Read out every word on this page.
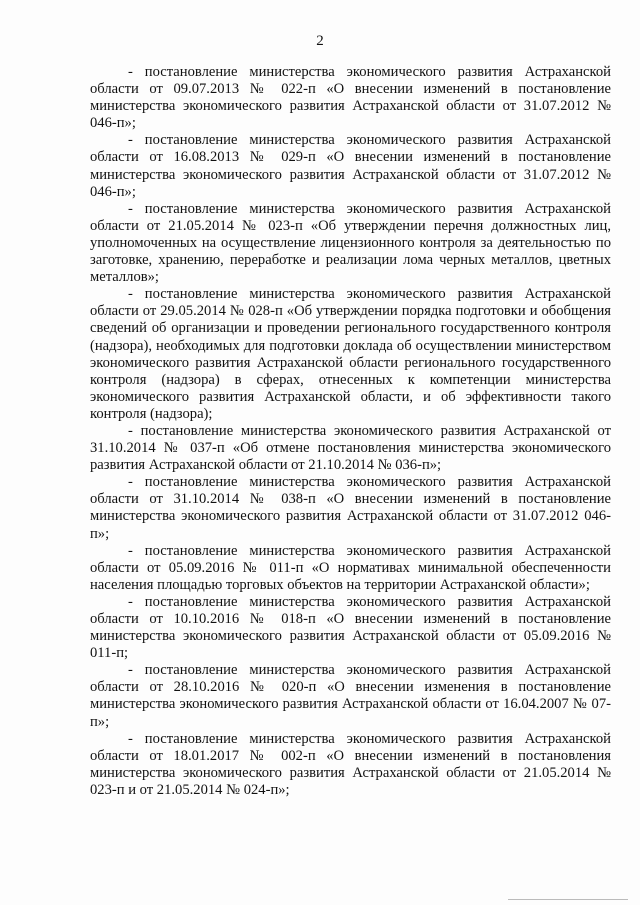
2

- постановление министерства экономического развития Астраханской области от 09.07.2013 № 022-п «О внесении изменений в постановление министерства экономического развития Астраханской области от 31.07.2012 № 046-п»;

- постановление министерства экономического развития Астраханской области от 16.08.2013 № 029-п «О внесении изменений в постановление министерства экономического развития Астраханской области от 31.07.2012 № 046-п»;

- постановление министерства экономического развития Астраханской области от 21.05.2014 № 023-п «Об утверждении перечня должностных лиц, уполномоченных на осуществление лицензионного контроля за деятельностью по заготовке, хранению, переработке и реализации лома черных металлов, цветных металлов»;

- постановление министерства экономического развития Астраханской области от 29.05.2014 № 028-п «Об утверждении порядка подготовки и обобщения сведений об организации и проведении регионального государственного контроля (надзора), необходимых для подготовки доклада об осуществлении министерством экономического развития Астраханской области регионального государственного контроля (надзора) в сферах, отнесенных к компетенции министерства экономического развития Астраханской области, и об эффективности такого контроля (надзора);

- постановление министерства экономического развития Астраханской от 31.10.2014 № 037-п «Об отмене постановления министерства экономического развития Астраханской области от 21.10.2014 № 036-п»;

- постановление министерства экономического развития Астраханской области от 31.10.2014 № 038-п «О внесении изменений в постановление министерства экономического развития Астраханской области от 31.07.2012 046-п»;

- постановление министерства экономического развития Астраханской области от 05.09.2016 № 011-п «О нормативах минимальной обеспеченности населения площадью торговых объектов на территории Астраханской области»;

- постановление министерства экономического развития Астраханской области от 10.10.2016 № 018-п «О внесении изменений в постановление министерства экономического развития Астраханской области от 05.09.2016 № 011-п;

- постановление министерства экономического развития Астраханской области от 28.10.2016 № 020-п «О внесении изменения в постановление министерства экономического развития Астраханской области от 16.04.2007 № 07-п»;

- постановление министерства экономического развития Астраханской области от 18.01.2017 № 002-п «О внесении изменений в постановления министерства экономического развития Астраханской области от 21.05.2014 № 023-п и от 21.05.2014 № 024-п»;
